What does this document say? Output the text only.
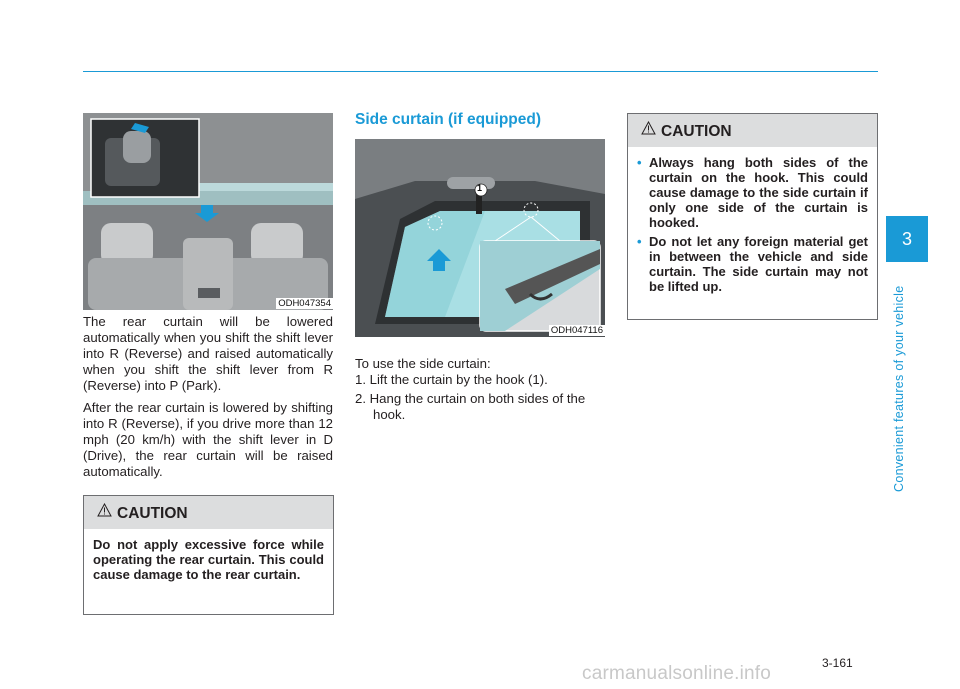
ODH047354

The rear curtain will be lowered automatically when you shift the shift lever into R (Reverse) and raised automatically when you shift the shift lever from R (Reverse) into P (Park).

After the rear curtain is lowered by shifting into R (Reverse), if you drive more than 12 mph (20 km/h) with the shift lever in D (Drive), the rear curtain will be raised automatically.

CAUTION

Do not apply excessive force while operating the rear curtain. This could cause damage to the rear curtain.

Side curtain (if equipped)
1
ODH047116

To use the side curtain:

1. Lift the curtain by the hook (1).
2. Hang the curtain on both sides of the hook.
CAUTION
• Always hang both sides of the curtain on the hook. This could cause damage to the side curtain if only one side of the curtain is hooked.
• Do not let any foreign material get in between the vehicle and side curtain. The side curtain may not be lifted up.
3
Convenient features of your vehicle
3-161
carmanualsonline.info
